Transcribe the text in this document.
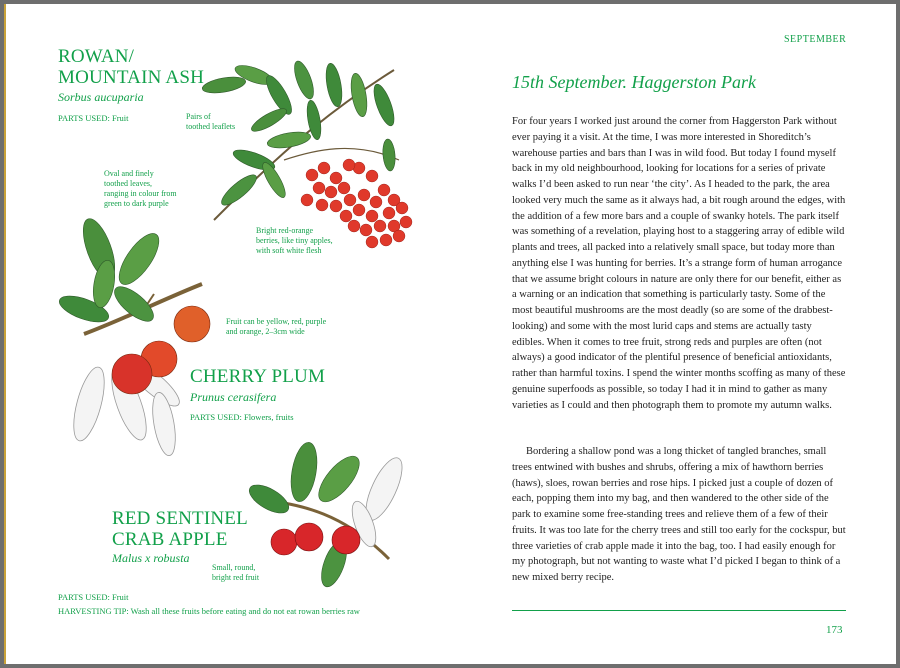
ROWAN/
MOUNTAIN ASH
Sorbus aucuparia
PARTS USED: Fruit	Pairs of
toothed leaflets
Oval and finely
toothed leaves,
ranging in colour from
green to dark purple
Bright red-orange
berries, like tiny apples,
with soft white flesh
Fruit can be yellow, red, purple
and orange, 2–3cm wide
CHERRY PLUM
Prunus cerasifera
PARTS USED: Flowers, fruits
RED SENTINEL
CRAB APPLE
Malus x robusta
Small, round,
bright red fruit
PARTS USED: Fruit
HARVESTING TIP: Wash all these fruits before eating and do not eat rowan berries raw
SEPTEMBER
15th September. Haggerston Park
For four years I worked just around the corner from Haggerston Park without ever paying it a visit. At the time, I was more interested in Shoreditch’s warehouse parties and bars than I was in wild food. But today I found myself back in my old neighbourhood, looking for locations for a series of private walks I’d been asked to run near ‘the city’. As I headed to the park, the area looked very much the same as it always had, a bit rough around the edges, with the addition of a few more bars and a couple of swanky hotels. The park itself was something of a revelation, playing host to a staggering array of edible wild plants and trees, all packed into a relatively small space, but today more than anything else I was hunting for berries. It’s a strange form of human arrogance that we assume bright colours in nature are only there for our benefit, either as a warning or an indication that something is particularly tasty. Some of the most beautiful mushrooms are the most deadly (so are some of the drabbest-looking) and some with the most lurid caps and stems are actually tasty edibles. When it comes to tree fruit, strong reds and purples are often (not always) a good indicator of the plentiful presence of beneficial antioxidants, rather than harmful toxins. I spend the winter months scoffing as many of these genuine superfoods as possible, so today I had it in mind to gather as many varieties as I could and then photograph them to promote my autumn walks.
Bordering a shallow pond was a long thicket of tangled branches, small trees entwined with bushes and shrubs, offering a mix of hawthorn berries (haws), sloes, rowan berries and rose hips. I picked just a couple of dozen of each, popping them into my bag, and then wandered to the other side of the park to examine some free-standing trees and relieve them of a few of their fruits. It was too late for the cherry trees and still too early for the cockspur, but three varieties of crab apple made it into the bag, too. I had easily enough for my photograph, but not wanting to waste what I’d picked I began to think of a new mixed berry recipe.
173
